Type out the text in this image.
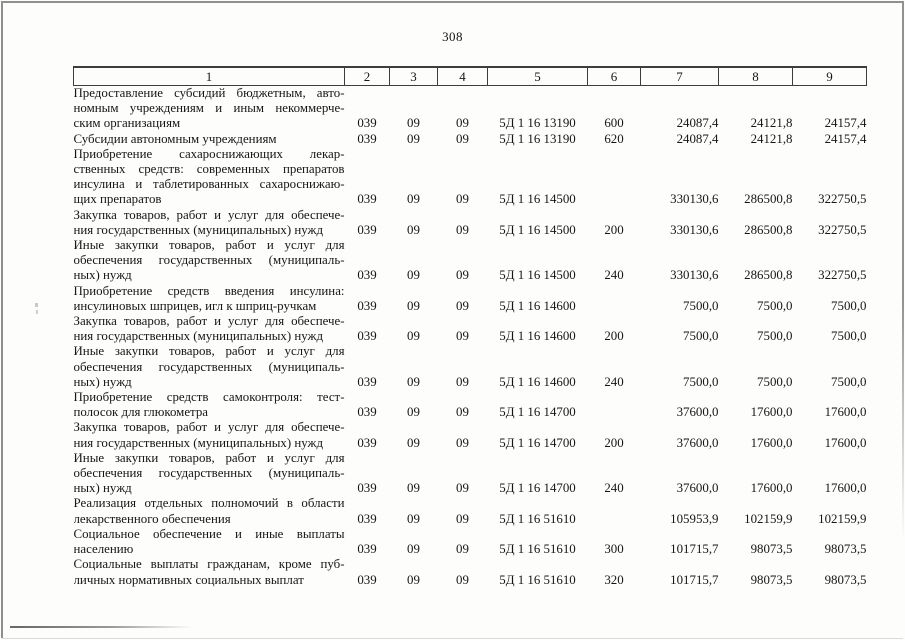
308
1	2	3	4	5	6	7	8	9

Предоставление субсидий бюджетным, авто-
номным учреждениям и иным некоммерче-
ским организациям	039	09	09	5Д 1 16 13190	600	24087,4	24121,8	24157,4

Субсидии автономным учреждениям	039	09	09	5Д 1 16 13190	620	24087,4	24121,8	24157,4

Приобретение сахароснижающих лекар-
ственных средств: современных препаратов
инсулина и таблетированных сахароснижаю-
щих препаратов	039	09	09	5Д 1 16 14500		330130,6	286500,8	322750,5

Закупка товаров, работ и услуг для обеспече-
ния государственных (муниципальных) нужд	039	09	09	5Д 1 16 14500	200	330130,6	286500,8	322750,5

Иные закупки товаров, работ и услуг для
обеспечения государственных (муниципаль-
ных) нужд	039	09	09	5Д 1 16 14500	240	330130,6	286500,8	322750,5

Приобретение средств введения инсулина:
инсулиновых шприцев, игл к шприц-ручкам	039	09	09	5Д 1 16 14600		7500,0	7500,0	7500,0

Закупка товаров, работ и услуг для обеспече-
ния государственных (муниципальных) нужд	039	09	09	5Д 1 16 14600	200	7500,0	7500,0	7500,0

Иные закупки товаров, работ и услуг для
обеспечения государственных (муниципаль-
ных) нужд	039	09	09	5Д 1 16 14600	240	7500,0	7500,0	7500,0

Приобретение средств самоконтроля: тест-
полосок для глюкометра	039	09	09	5Д 1 16 14700		37600,0	17600,0	17600,0

Закупка товаров, работ и услуг для обеспече-
ния государственных (муниципальных) нужд	039	09	09	5Д 1 16 14700	200	37600,0	17600,0	17600,0

Иные закупки товаров, работ и услуг для
обеспечения государственных (муниципаль-
ных) нужд	039	09	09	5Д 1 16 14700	240	37600,0	17600,0	17600,0

Реализация отдельных полномочий в области
лекарственного обеспечения	039	09	09	5Д 1 16 51610		105953,9	102159,9	102159,9

Социальное обеспечение и иные выплаты
населению	039	09	09	5Д 1 16 51610	300	101715,7	98073,5	98073,5

Социальные выплаты гражданам, кроме пуб-
личных нормативных социальных выплат	039	09	09	5Д 1 16 51610	320	101715,7	98073,5	98073,5
